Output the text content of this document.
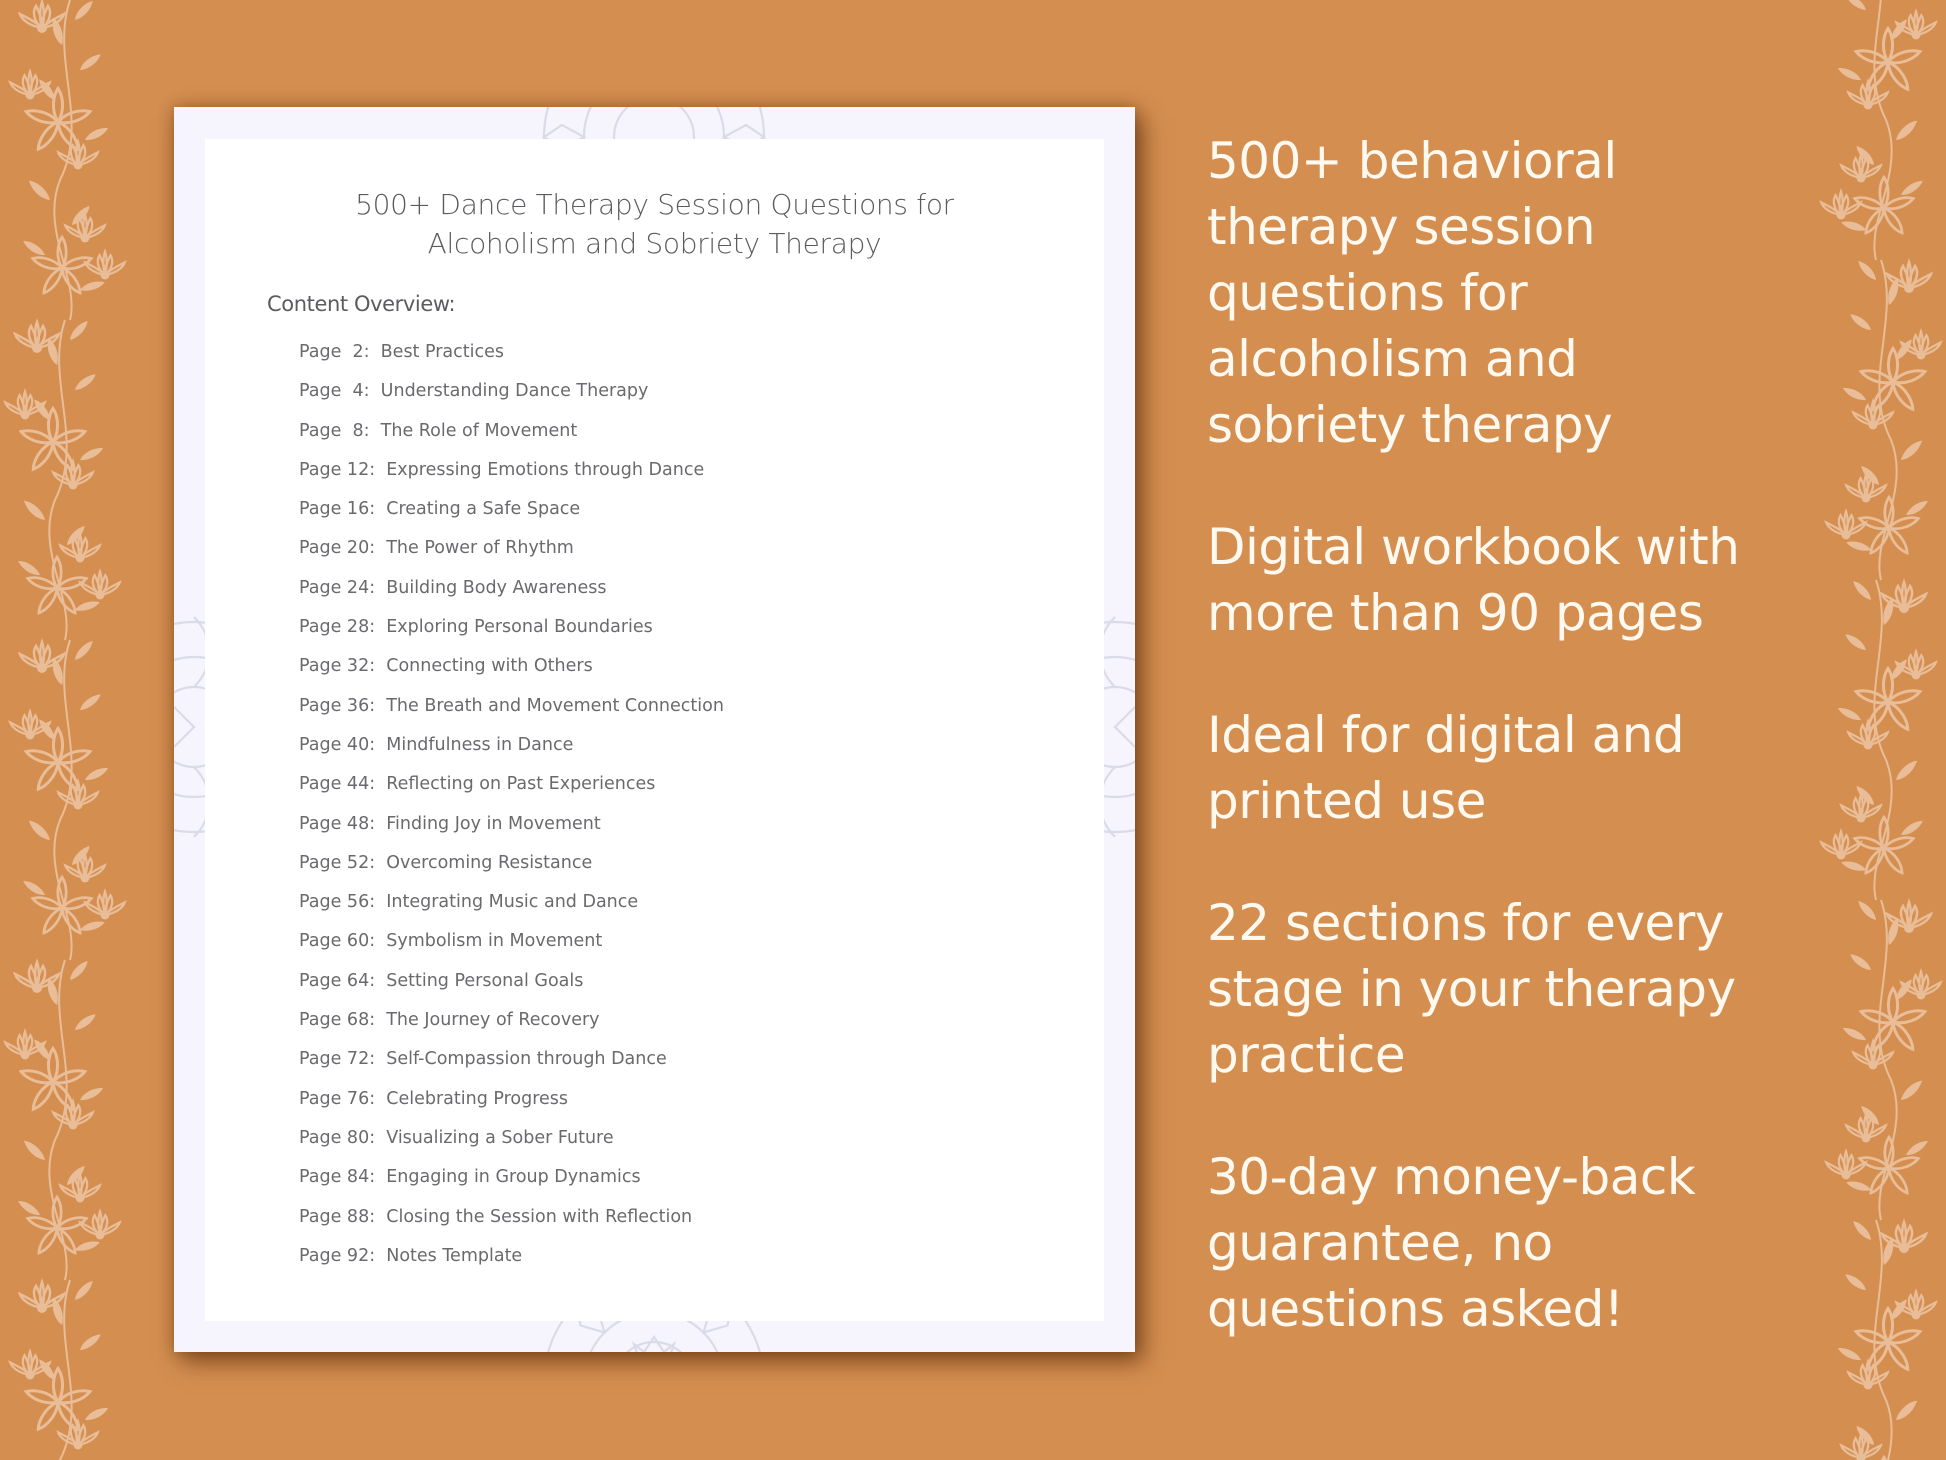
500+ Dance Therapy Session Questions for
Alcoholism and Sobriety Therapy
Content Overview:
Page  2:
Best Practices
Page  4:
Understanding Dance Therapy
Page  8:
The Role of Movement
Page 12:
Expressing Emotions through Dance
Page 16:
Creating a Safe Space
Page 20:
The Power of Rhythm
Page 24:
Building Body Awareness
Page 28:
Exploring Personal Boundaries
Page 32:
Connecting with Others
Page 36:
The Breath and Movement Connection
Page 40:
Mindfulness in Dance
Page 44:
Reflecting on Past Experiences
Page 48:
Finding Joy in Movement
Page 52:
Overcoming Resistance
Page 56:
Integrating Music and Dance
Page 60:
Symbolism in Movement
Page 64:
Setting Personal Goals
Page 68:
The Journey of Recovery
Page 72:
Self-Compassion through Dance
Page 76:
Celebrating Progress
Page 80:
Visualizing a Sober Future
Page 84:
Engaging in Group Dynamics
Page 88:
Closing the Session with Reflection
Page 92:
Notes Template
500+ behavioral
therapy session
questions for
alcoholism and
sobriety therapy
Digital workbook with
more than 90 pages
Ideal for digital and
printed use
22 sections for every
stage in your therapy
practice
30-day money-back
guarantee, no
questions asked!
